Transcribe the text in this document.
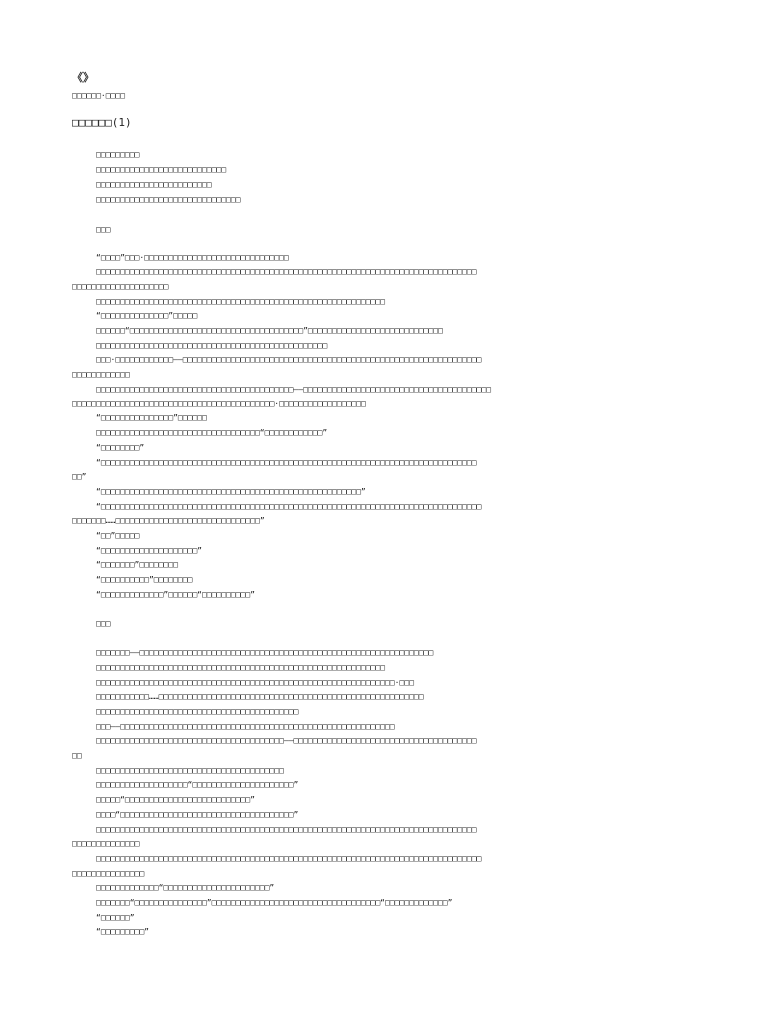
《》

□□□□□□·□□□□

□□□□□□(1)

□□□□□□□□□

□□□□□□□□□□□□□□□□□□□□□□□□□□□

□□□□□□□□□□□□□□□□□□□□□□□□

□□□□□□□□□□□□□□□□□□□□□□□□□□□□□□

□□□

“□□□□”□□□·□□□□□□□□□□□□□□□□□□□□□□□□□□□□□□

□□□□□□□□□□□□□□□□□□□□□□□□□□□□□□□□□□□□□□□□□□□□□□□□□□□□□□□□□□□□□□□□□□□□□□□□□□□□□□□

□□□□□□□□□□□□□□□□□□□□

□□□□□□□□□□□□□□□□□□□□□□□□□□□□□□□□□□□□□□□□□□□□□□□□□□□□□□□□□□□□

“□□□□□□□□□□□□□□”□□□□□

□□□□□□“□□□□□□□□□□□□□□□□□□□□□□□□□□□□□□□□□□□□”□□□□□□□□□□□□□□□□□□□□□□□□□□□□

□□□□□□□□□□□□□□□□□□□□□□□□□□□□□□□□□□□□□□□□□□□□□□□□

□□□·□□□□□□□□□□□□——□□□□□□□□□□□□□□□□□□□□□□□□□□□□□□□□□□□□□□□□□□□□□□□□□□□□□□□□□□□□□□

□□□□□□□□□□□□

□□□□□□□□□□□□□□□□□□□□□□□□□□□□□□□□□□□□□□□□□——□□□□□□□□□□□□□□□□□□□□□□□□□□□□□□□□□□□□□□□

□□□□□□□□□□□□□□□□□□□□□□□□□□□□□□□□□□□□□□□□□□·□□□□□□□□□□□□□□□□□□

“□□□□□□□□□□□□□□□”□□□□□□

□□□□□□□□□□□□□□□□□□□□□□□□□□□□□□□□□□“□□□□□□□□□□□□”

“□□□□□□□□”

“□□□□□□□□□□□□□□□□□□□□□□□□□□□□□□□□□□□□□□□□□□□□□□□□□□□□□□□□□□□□□□□□□□□□□□□□□□□□□□

□□”

“□□□□□□□□□□□□□□□□□□□□□□□□□□□□□□□□□□□□□□□□□□□□□□□□□□□□□□”

“□□□□□□□□□□□□□□□□□□□□□□□□□□□□□□□□□□□□□□□□□□□□□□□□□□□□□□□□□□□□□□□□□□□□□□□□□□□□□□□

□□□□□□□……□□□□□□□□□□□□□□□□□□□□□□□□□□□□□□”

“□□”□□□□□

“□□□□□□□□□□□□□□□□□□□□”

“□□□□□□□”□□□□□□□□

“□□□□□□□□□□”□□□□□□□□

“□□□□□□□□□□□□□”□□□□□□“□□□□□□□□□□”

□□□

□□□□□□□——□□□□□□□□□□□□□□□□□□□□□□□□□□□□□□□□□□□□□□□□□□□□□□□□□□□□□□□□□□□□□

□□□□□□□□□□□□□□□□□□□□□□□□□□□□□□□□□□□□□□□□□□□□□□□□□□□□□□□□□□□□

□□□□□□□□□□□□□□□□□□□□□□□□□□□□□□□□□□□□□□□□□□□□□□□□□□□□□□□□□□□□□□·□□□

□□□□□□□□□□□……□□□□□□□□□□□□□□□□□□□□□□□□□□□□□□□□□□□□□□□□□□□□□□□□□□□□□□□

□□□□□□□□□□□□□□□□□□□□□□□□□□□□□□□□□□□□□□□□□□

□□□——□□□□□□□□□□□□□□□□□□□□□□□□□□□□□□□□□□□□□□□□□□□□□□□□□□□□□□□□□

□□□□□□□□□□□□□□□□□□□□□□□□□□□□□□□□□□□□□□□——□□□□□□□□□□□□□□□□□□□□□□□□□□□□□□□□□□□□□□

□□

□□□□□□□□□□□□□□□□□□□□□□□□□□□□□□□□□□□□□□□

□□□□□□□□□□□□□□□□□□□“□□□□□□□□□□□□□□□□□□□□□”

□□□□□“□□□□□□□□□□□□□□□□□□□□□□□□□□”

□□□□“□□□□□□□□□□□□□□□□□□□□□□□□□□□□□□□□□□□□”

□□□□□□□□□□□□□□□□□□□□□□□□□□□□□□□□□□□□□□□□□□□□□□□□□□□□□□□□□□□□□□□□□□□□□□□□□□□□□□□

□□□□□□□□□□□□□□

□□□□□□□□□□□□□□□□□□□□□□□□□□□□□□□□□□□□□□□□□□□□□□□□□□□□□□□□□□□□□□□□□□□□□□□□□□□□□□□□

□□□□□□□□□□□□□□□

□□□□□□□□□□□□□“□□□□□□□□□□□□□□□□□□□□□□”

□□□□□□□“□□□□□□□□□□□□□□□”□□□□□□□□□□□□□□□□□□□□□□□□□□□□□□□□□□□“□□□□□□□□□□□□□”

“□□□□□□”

“□□□□□□□□□”
